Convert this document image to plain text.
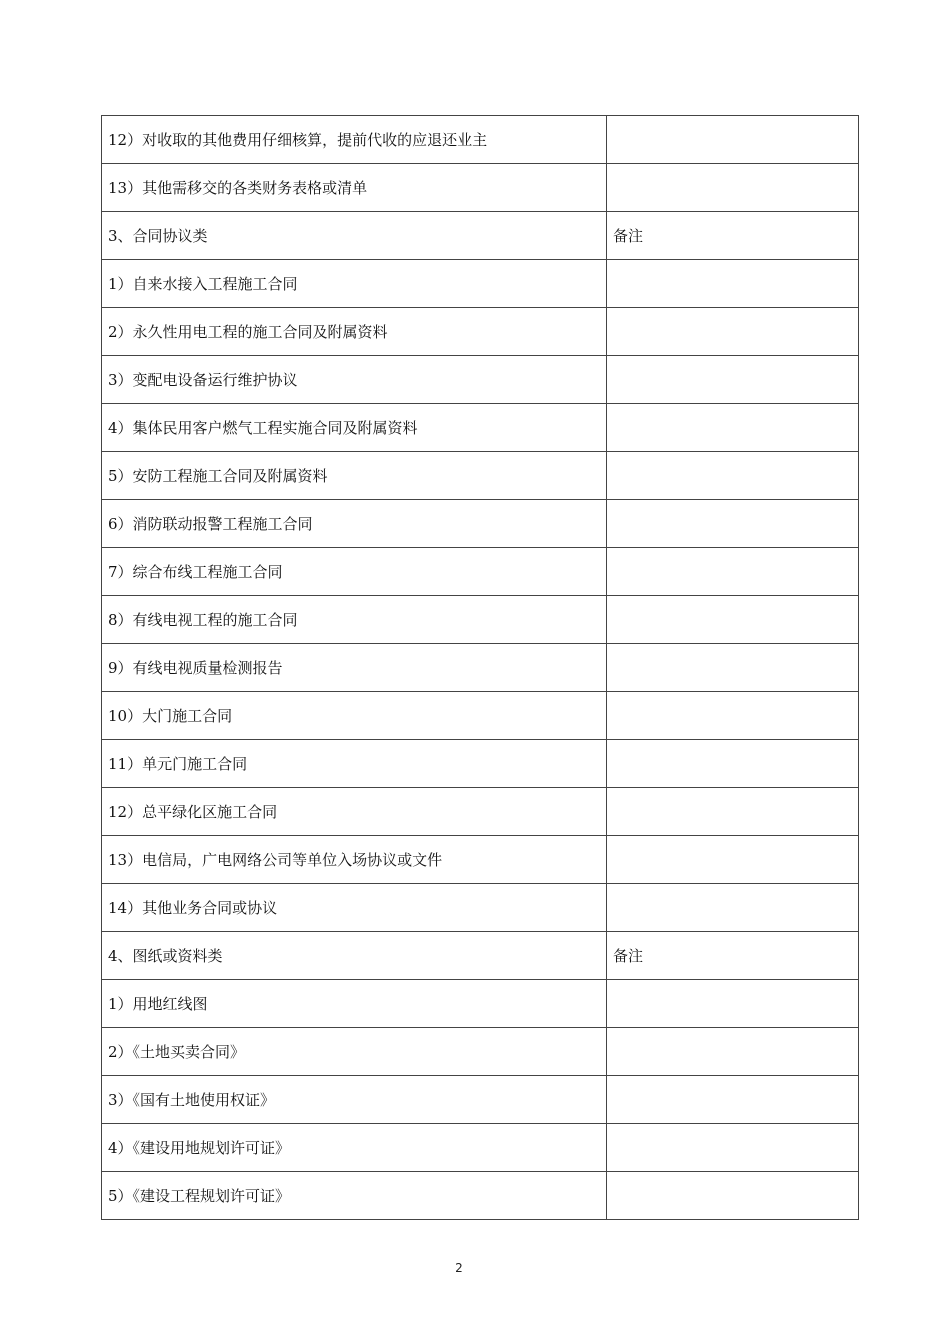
12）对收取的其他费用仔细核算，提前代收的应退还业主	
13）其他需移交的各类财务表格或清单	
3、合同协议类	备注
1）自来水接入工程施工合同	
2）永久性用电工程的施工合同及附属资料	
3）变配电设备运行维护协议	
4）集体民用客户燃气工程实施合同及附属资料	
5）安防工程施工合同及附属资料	
6）消防联动报警工程施工合同	
7）综合布线工程施工合同	
8）有线电视工程的施工合同	
9）有线电视质量检测报告	
10）大门施工合同	
11）单元门施工合同	
12）总平绿化区施工合同	
13）电信局，广电网络公司等单位入场协议或文件	
14）其他业务合同或协议	
4、图纸或资料类	备注
1）用地红线图	
2）《土地买卖合同》	
3）《国有土地使用权证》	
4）《建设用地规划许可证》	
5）《建设工程规划许可证》	
2
